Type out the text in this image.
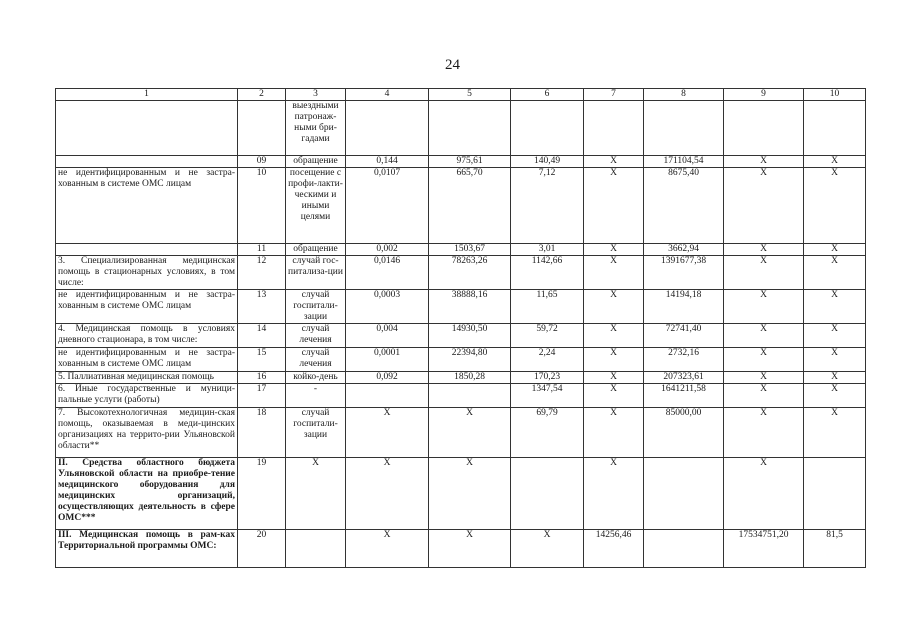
24
1	2	3	4	5	6	7	8	9	10
		выездными патронаж-ными бри-гадами							
	09	обращение	0,144	975,61	140,49	X	171104,54	X	X
не идентифицированным и не застра-хованным в системе ОМС лицам	10	посещение с профи-лакти-ческими и иными целями	0,0107	665,70	7,12	X	8675,40	X	X
	11	обращение	0,002	1503,67	3,01	X	3662,94	X	X
3. Специализированная медицинская помощь в стационарных условиях, в том числе:	12	случай гос-питализа-ции	0,0146	78263,26	1142,66	X	1391677,38	X	X
не идентифицированным и не застра-хованным в системе ОМС лицам	13	случай госпитали-зации	0,0003	38888,16	11,65	X	14194,18	X	X
4. Медицинская помощь в условиях дневного стационара, в том числе:	14	случай лечения	0,004	14930,50	59,72	X	72741,40	X	X
не идентифицированным и не застра-хованным в системе ОМС лицам	15	случай лечения	0,0001	22394,80	2,24	X	2732,16	X	X
5. Паллиативная медицинская помощь	16	койко-день	0,092	1850,28	170,23	X	207323,61	X	X
6. Иные государственные и муници-пальные услуги (работы)	17	-			1347,54	X	1641211,58	X	X
7. Высокотехнологичная медицин-ская помощь, оказываемая в меди-цинских организациях на террито-рии Ульяновской области**	18	случай госпитали-зации	X	X	69,79	X	85000,00	X	X
II. Средства областного бюджета Ульяновской области на приобре-тение медицинского оборудования для медицинских организаций, осуществляющих деятельность в сфере ОМС***	19	X	X	X		X		X	
III. Медицинская помощь в рам-ках Территориальной программы ОМС:	20		X	X	X	14256,46		17534751,20	81,5
